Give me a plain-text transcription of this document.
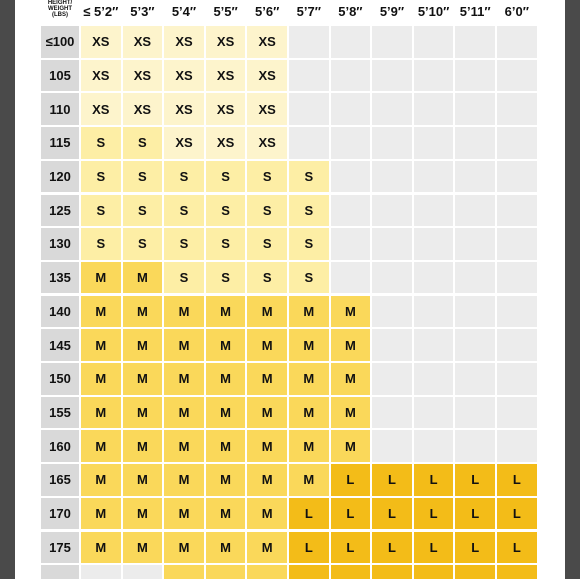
HEIGHT/
WEIGHT
(LBS) ≤ 5’2″ 5’3″	5’4″	5’5″	5’6″	5’7″	5’8″	5’9″	5’10″ 5’11″	6’0″
≤100	XS	XS	XS	XS	XS
105	XS	XS	XS	XS	XS
110	XS	XS	XS	XS	XS
115	S	S	XS	XS	XS
120	S	S	S	S	S	S
125	S	S	S	S	S	S
130	S	S	S	S	S	S
135	M	M	S	S	S	S
140	M	M	M	M	M	M	M
145	M	M	M	M	M	M	M
150	M	M	M	M	M	M	M
155	M	M	M	M	M	M	M
160	M	M	M	M	M	M	M
165	M	M	M	M	M	M	L	L	L	L	L
170	M	M	M	M	M	L	L	L	L	L	L
175	M	M	M	M	M	L	L	L	L	L	L
